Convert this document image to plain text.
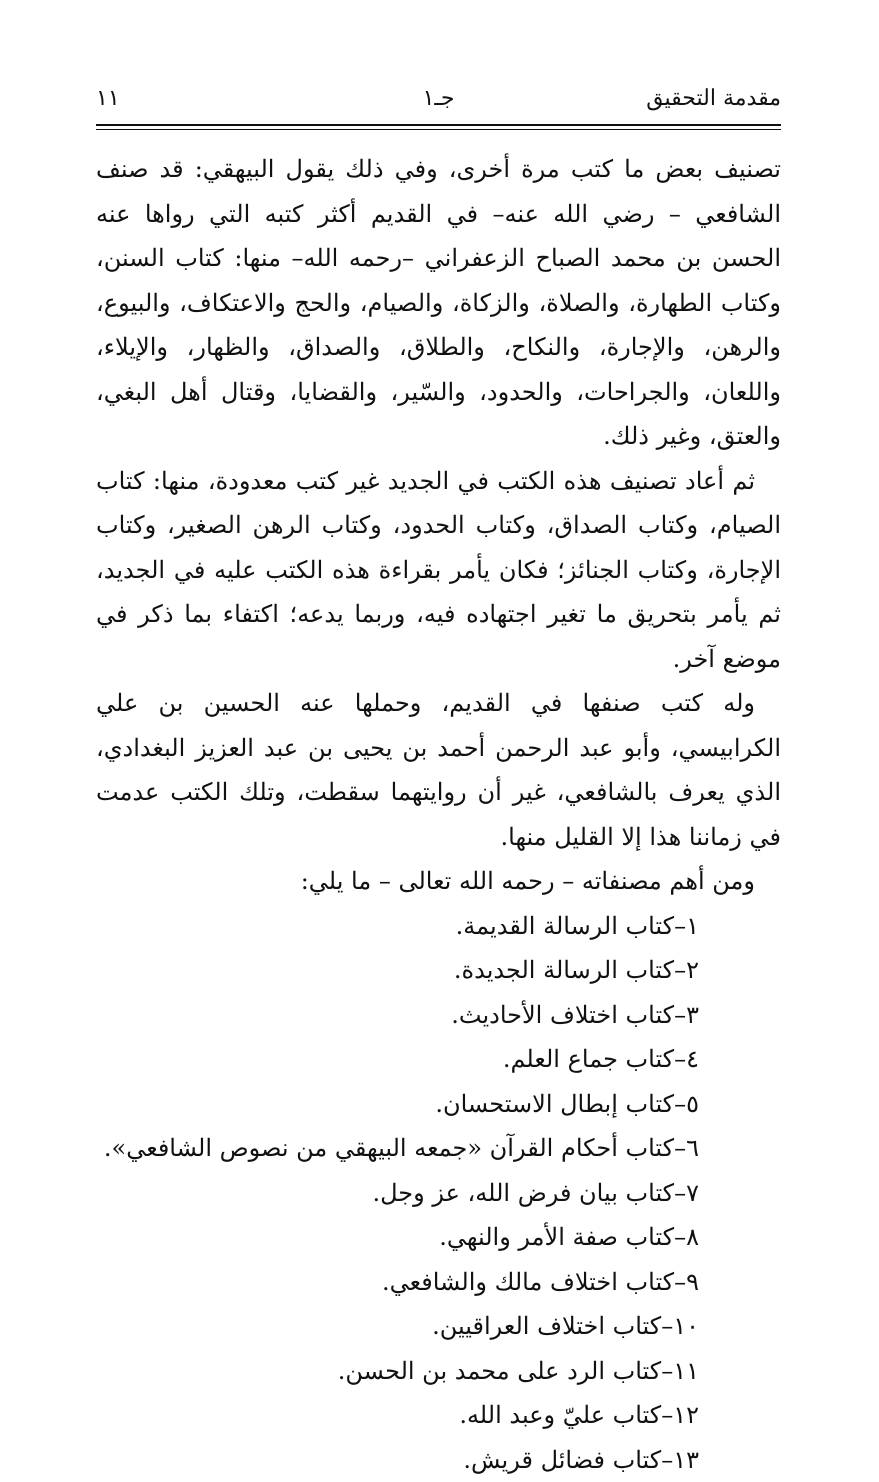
مقدمة التحقيق
جـ١
١١

تصنيف بعض ما كتب مرة أخرى، وفي ذلك يقول البيهقي: قد صنف الشافعي – رضي الله عنه– في القديم أكثر كتبه التي رواها عنه الحسن بن محمد الصباح الزعفراني –رحمه الله– منها: كتاب السنن، وكتاب الطهارة، والصلاة، والزكاة، والصيام، والحج والاعتكاف، والبيوع، والرهن، والإجارة، والنكاح، والطلاق، والصداق، والظهار، والإيلاء، واللعان، والجراحات، والحدود، والسّير، والقضايا، وقتال أهل البغي، والعتق، وغير ذلك.

ثم أعاد تصنيف هذه الكتب في الجديد غير كتب معدودة، منها: كتاب الصيام، وكتاب الصداق، وكتاب الحدود، وكتاب الرهن الصغير، وكتاب الإجارة، وكتاب الجنائز؛ فكان يأمر بقراءة هذه الكتب عليه في الجديد، ثم يأمر بتحريق ما تغير اجتهاده فيه، وربما يدعه؛ اكتفاء بما ذكر في موضع آخر.

وله كتب صنفها في القديم، وحملها عنه الحسين بن علي الكرابيسي، وأبو عبد الرحمن أحمد بن يحيى بن عبد العزيز البغدادي، الذي يعرف بالشافعي، غير أن روايتهما سقطت، وتلك الكتب عدمت في زماننا هذا إلا القليل منها.

ومن أهم مصنفاته – رحمه الله تعالى – ما يلي:

١–كتاب الرسالة القديمة.
٢–كتاب الرسالة الجديدة.
٣–كتاب اختلاف الأحاديث.
٤–كتاب جماع العلم.
٥–كتاب إبطال الاستحسان.
٦–كتاب أحكام القرآن «جمعه البيهقي من نصوص الشافعي».
٧–كتاب بيان فرض الله، عز وجل.
٨–كتاب صفة الأمر والنهي.
٩–كتاب اختلاف مالك والشافعي.
١٠–كتاب اختلاف العراقيين.
١١–كتاب الرد على محمد بن الحسن.
١٢–كتاب عليّ وعبد الله.
١٣–كتاب فضائل قريش.
